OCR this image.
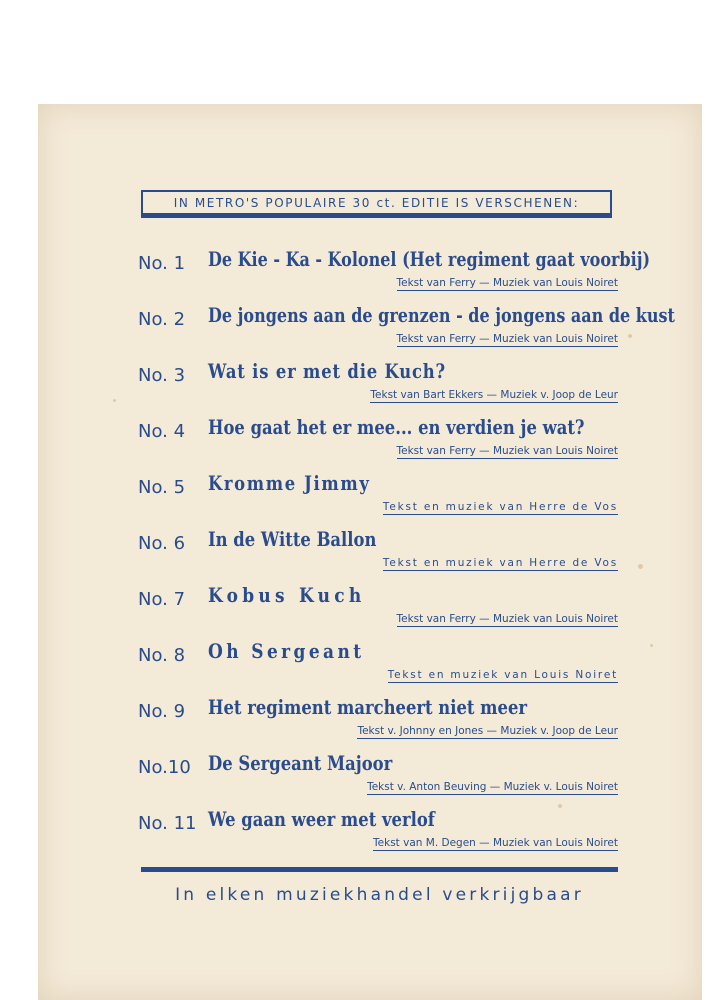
IN METRO'S POPULAIRE 30 ct. EDITIE IS VERSCHENEN:
No. 1	De Kie - Ka - Kolonel (Het regiment gaat voorbij)
Tekst van Ferry — Muziek van Louis Noiret
No. 2	De jongens aan de grenzen - de jongens aan de kust
Tekst van Ferry — Muziek van Louis Noiret
No. 3	Wat is er met die Kuch?
Tekst van Bart Ekkers — Muziek v. Joop de Leur
No. 4	Hoe gaat het er mee... en verdien je wat?
Tekst van Ferry — Muziek van Louis Noiret
No. 5	Kromme Jimmy
Tekst en muziek van Herre de Vos
No. 6	In de Witte Ballon
Tekst en muziek van Herre de Vos
No. 7	Kobus Kuch
Tekst van Ferry — Muziek van Louis Noiret
No. 8	Oh Sergeant
Tekst en muziek van Louis Noiret
No. 9	Het regiment marcheert niet meer
Tekst v. Johnny en Jones — Muziek v. Joop de Leur
No.10 De Sergeant Majoor
Tekst v. Anton Beuving — Muziek v. Louis Noiret
No. 11 We gaan weer met verlof
Tekst van M. Degen — Muziek van Louis Noiret
In elken muziekhandel verkrijgbaar
